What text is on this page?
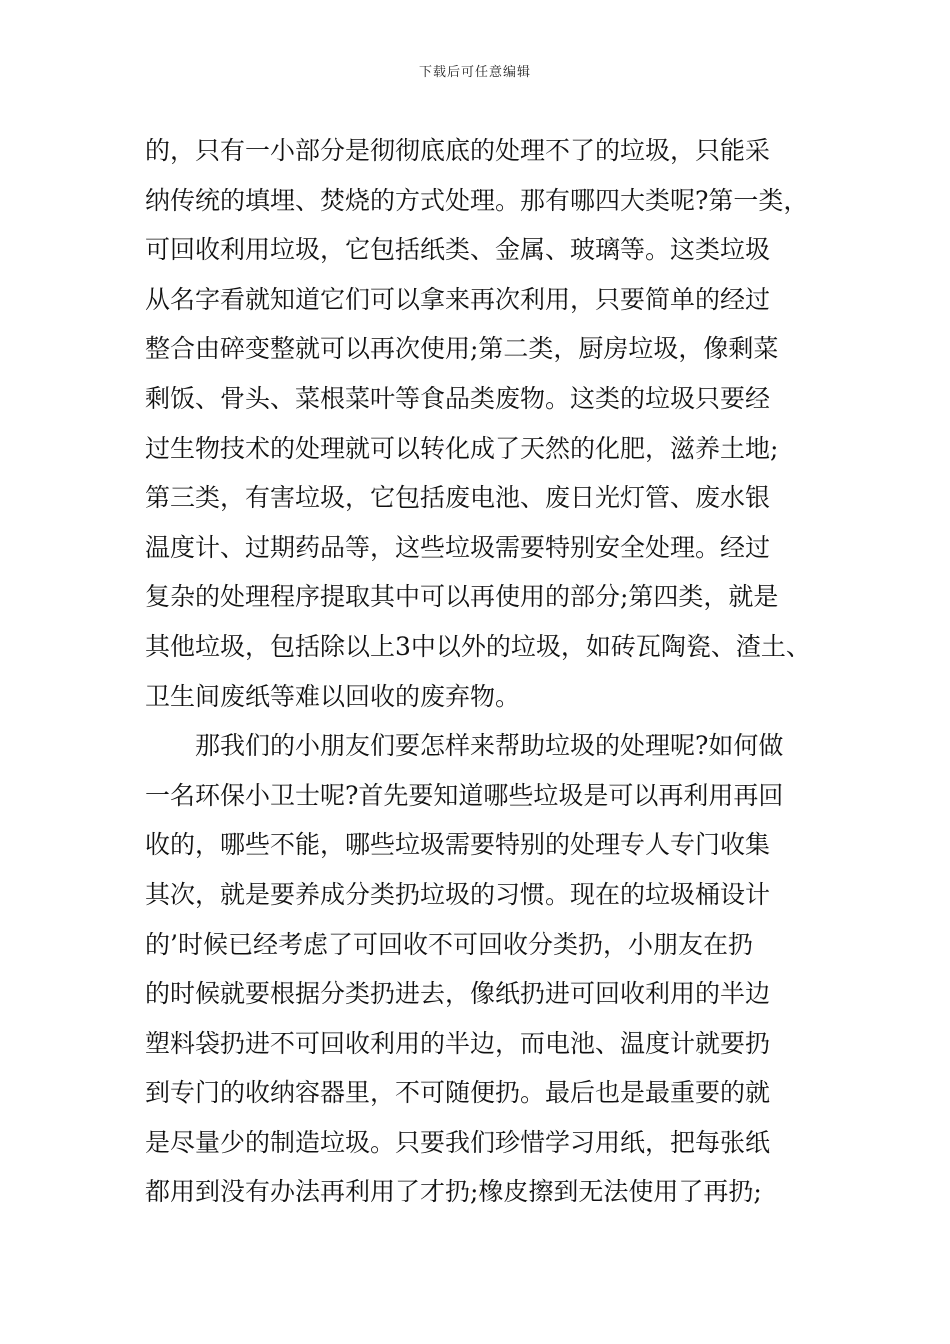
下载后可任意编辑
的，只有一小部分是彻彻底底的处理不了的垃圾，只能采
纳传统的填埋、焚烧的方式处理。那有哪四大类呢?第一类，
可回收利用垃圾，它包括纸类、金属、玻璃等。这类垃圾
从名字看就知道它们可以拿来再次利用，只要简单的经过
整合由碎变整就可以再次使用;第二类，厨房垃圾，像剩菜
剩饭、骨头、菜根菜叶等食品类废物。这类的垃圾只要经
过生物技术的处理就可以转化成了天然的化肥，滋养土地;
第三类，有害垃圾，它包括废电池、废日光灯管、废水银
温度计、过期药品等，这些垃圾需要特别安全处理。经过
复杂的处理程序提取其中可以再使用的部分;第四类，就是
其他垃圾，包括除以上3中以外的垃圾，如砖瓦陶瓷、渣土、
卫生间废纸等难以回收的废弃物。
那我们的小朋友们要怎样来帮助垃圾的处理呢?如何做
一名环保小卫士呢?首先要知道哪些垃圾是可以再利用再回
收的，哪些不能，哪些垃圾需要特别的处理专人专门收集
其次，就是要养成分类扔垃圾的习惯。现在的垃圾桶设计
的’时候已经考虑了可回收不可回收分类扔，小朋友在扔
的时候就要根据分类扔进去，像纸扔进可回收利用的半边
塑料袋扔进不可回收利用的半边，而电池、温度计就要扔
到专门的收纳容器里，不可随便扔。最后也是最重要的就
是尽量少的制造垃圾。只要我们珍惜学习用纸，把每张纸
都用到没有办法再利用了才扔;橡皮擦到无法使用了再扔;
